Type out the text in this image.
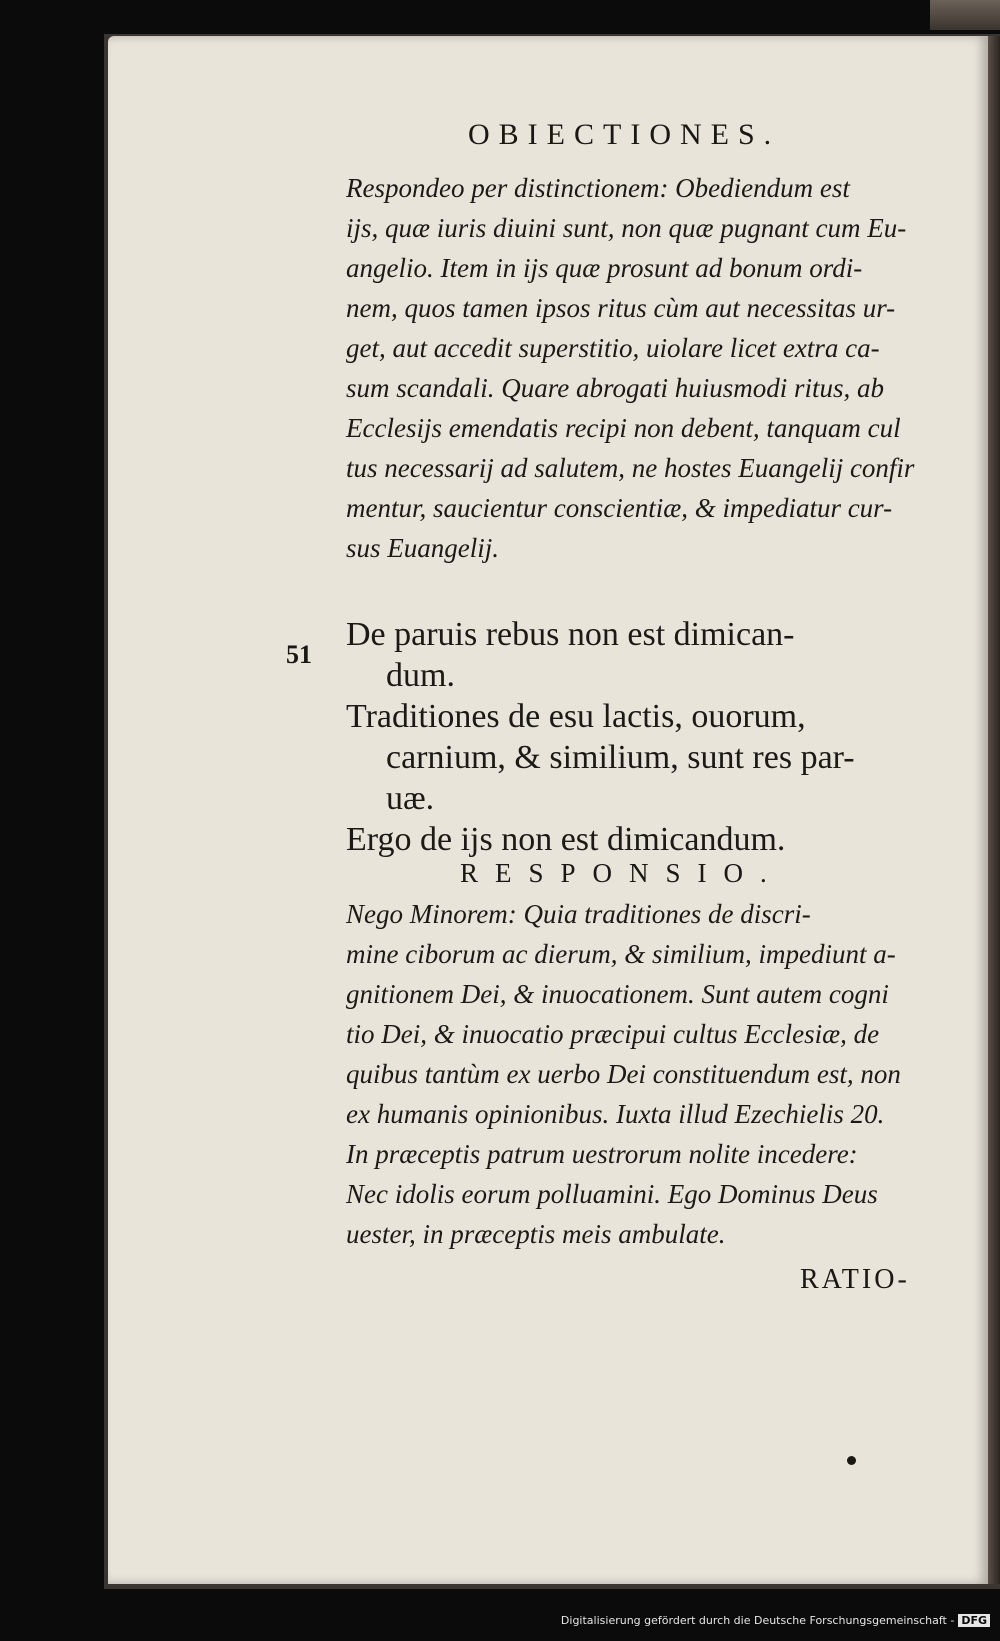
OBIECTIONES.

Respondeo per distinctionem: Obediendum est

ijs, quæ iuris diuini sunt, non quæ pugnant cum Eu-

angelio. Item in ijs quæ prosunt ad bonum ordi-

nem, quos tamen ipsos ritus cùm aut necessitas ur-

get, aut accedit superstitio, uiolare licet extra ca-

sum scandali. Quare abrogati huiusmodi ritus, ab

Ecclesijs emendatis recipi non debent, tanquam cul

tus necessarij ad salutem, ne hostes Euangelij confir

mentur, saucientur conscientiæ, & impediatur cur-

sus Euangelij.

51

De paruis rebus non est dimican-

dum.

Traditiones de esu lactis, ouorum,

carnium, & similium, sunt res par-

uæ.

Ergo de ijs non est dimicandum.

RESPONSIO.

Nego Minorem: Quia traditiones de discri-

mine ciborum ac dierum, & similium, impediunt a-

gnitionem Dei, & inuocationem. Sunt autem cogni

tio Dei, & inuocatio præcipui cultus Ecclesiæ, de

quibus tantùm ex uerbo Dei constituendum est, non

ex humanis opinionibus. Iuxta illud Ezechielis 20.

In præceptis patrum uestrorum nolite incedere:

Nec idolis eorum polluamini. Ego Dominus Deus

uester, in præceptis meis ambulate.

RATIO-
Digitalisierung gefördert durch die Deutsche Forschungsgemeinschaft - DFG
